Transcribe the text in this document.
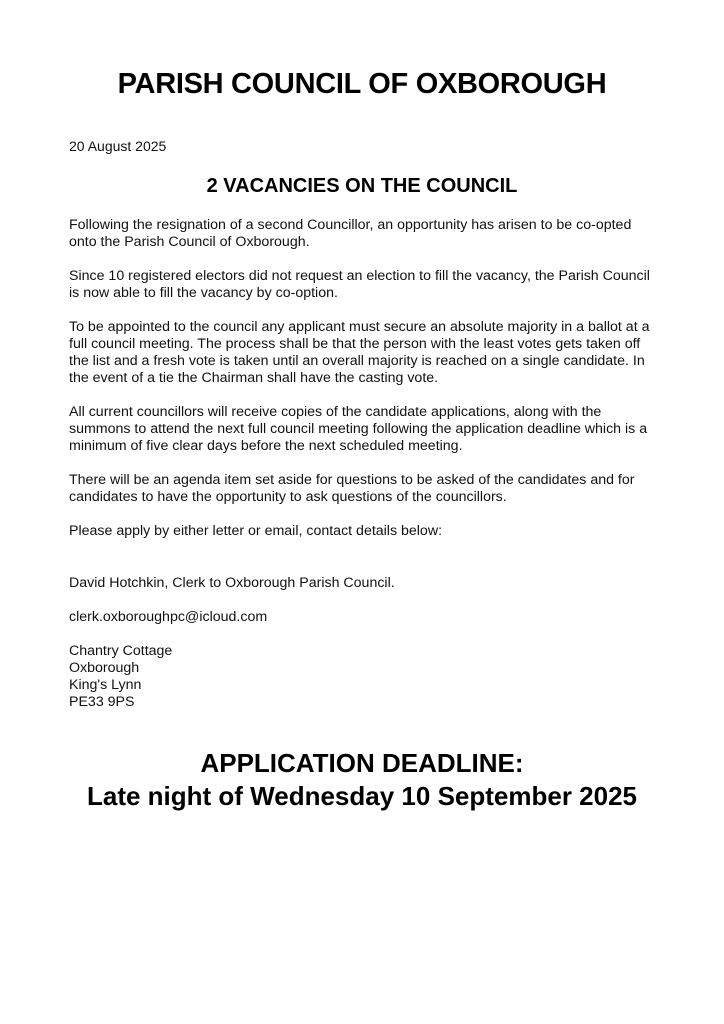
PARISH COUNCIL OF OXBOROUGH
20 August 2025
2 VACANCIES ON THE COUNCIL

Following the resignation of a second Councillor, an opportunity has arisen to be co-opted onto the Parish Council of Oxborough.

Since 10 registered electors did not request an election to fill the vacancy, the Parish Council is now able to fill the vacancy by co-option.

To be appointed to the council any applicant must secure an absolute majority in a ballot at a full council meeting. The process shall be that the person with the least votes gets taken off the list and a fresh vote is taken until an overall majority is reached on a single candidate. In the event of a tie the Chairman shall have the casting vote.

All current councillors will receive copies of the candidate applications, along with the summons to attend the next full council meeting following the application deadline which is a minimum of five clear days before the next scheduled meeting.

There will be an agenda item set aside for questions to be asked of the candidates and for candidates to have the opportunity to ask questions of the councillors.

Please apply by either letter or email, contact details below:

David Hotchkin, Clerk to Oxborough Parish Council.
clerk.oxboroughpc@icloud.com
Chantry Cottage
Oxborough
King's Lynn
PE33 9PS
APPLICATION DEADLINE:
Late night of Wednesday 10 September 2025
